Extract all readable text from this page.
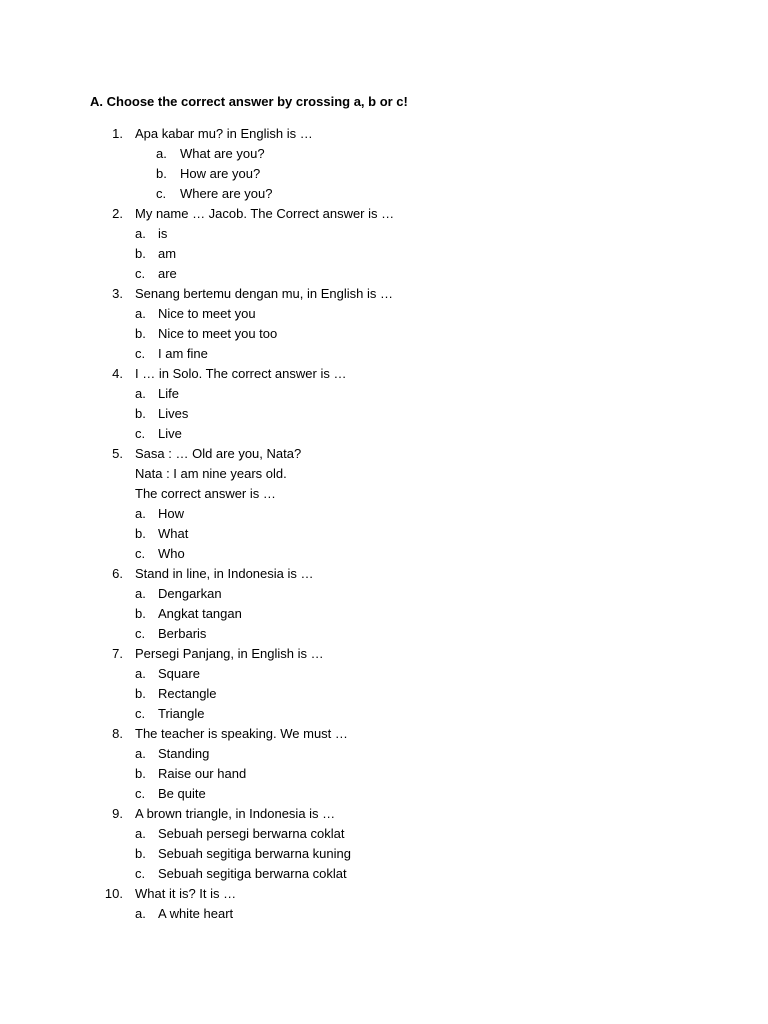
A. Choose the correct answer by crossing a, b or c!
1. Apa kabar mu? in English is …
a. What are you?
b. How are you?
c. Where are you?
2. My name … Jacob. The Correct answer is …
a. is
b. am
c. are
3. Senang bertemu dengan mu, in English is …
a. Nice to meet you
b. Nice to meet you too
c. I am fine
4. I … in Solo. The correct answer is …
a. Life
b. Lives
c. Live
5. Sasa : … Old are you, Nata?
Nata : I am nine years old.
The correct answer is …
a. How
b. What
c. Who
6. Stand in line, in Indonesia is …
a. Dengarkan
b. Angkat tangan
c. Berbaris
7. Persegi Panjang, in English is …
a. Square
b. Rectangle
c. Triangle
8. The teacher is speaking. We must …
a. Standing
b. Raise our hand
c. Be quite
9. A brown triangle, in Indonesia is …
a. Sebuah persegi berwarna coklat
b. Sebuah segitiga berwarna kuning
c. Sebuah segitiga berwarna coklat
10. What it is? It is …
a. A white heart
